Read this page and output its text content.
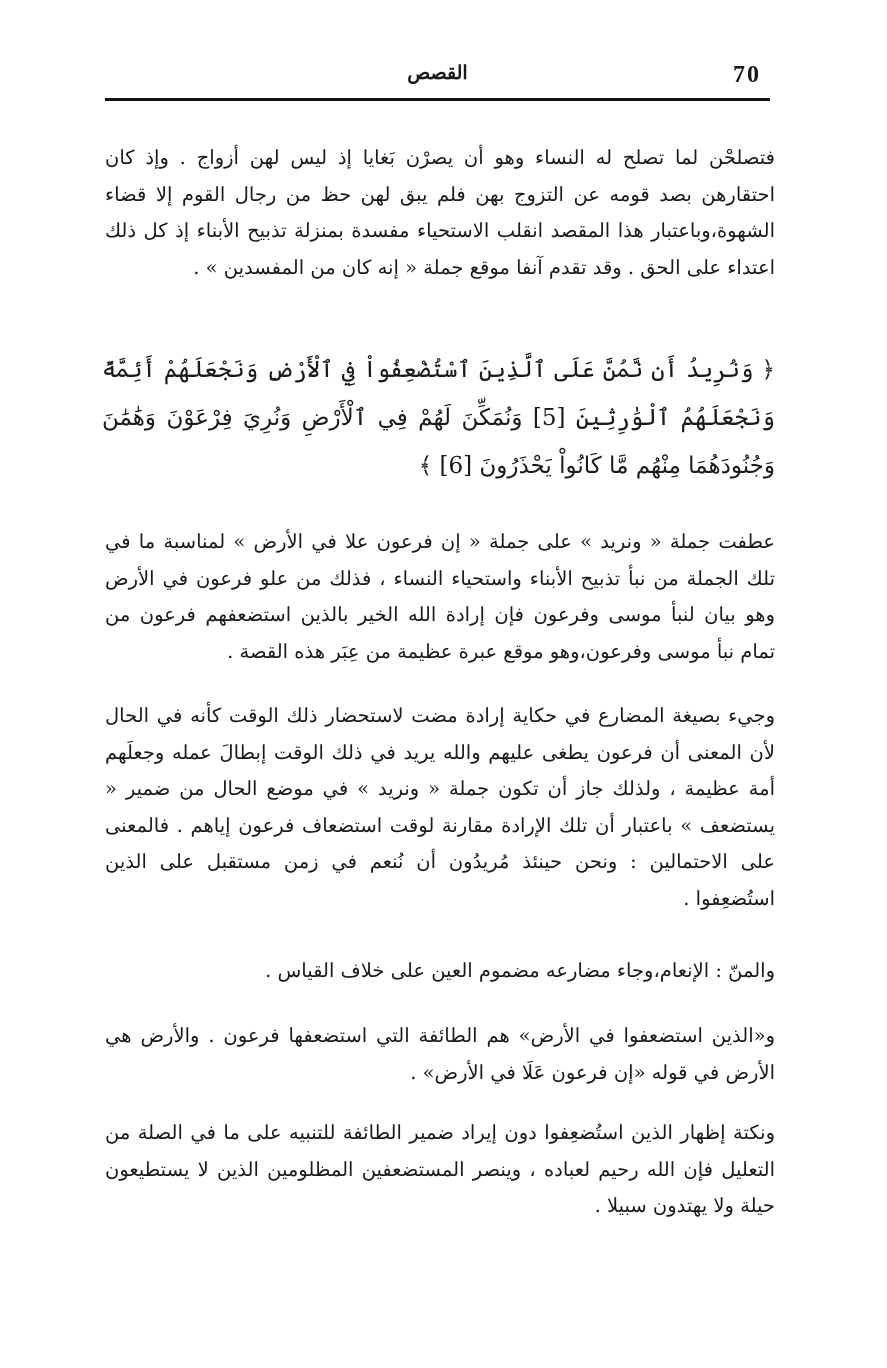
القصص	70

فتصلحْن لما تصلح له النساء وهو أن يصرْن بَغايا إذ ليس لهن أزواج . وإذ كان احتقارهن بصد قومه عن التزوج بهن فلم يبق لهن حظ من رجال القوم إلا قضاء الشهوة،وباعتبار هذا المقصد انقلب الاستحياء مفسدة بمنزلة تذبيح الأبناء إذ كل ذلك اعتداء على الحق . وقد تقدم آنفا موقع جملة « إنه كان من المفسدين » .

﴿ وَنُرِيدُ أَن نَّمُنَّ عَلَى ٱلَّذِينَ ٱسْتُضْعِفُواْ فِي ٱلْأَرْضِ وَنَجْعَلَهُمْ أَئِمَّةً وَنَجْعَلَهُمُ ٱلْوَٰرِثِينَ [5] وَنُمَكِّنَ لَهُمْ فِي ٱلْأَرْضِ وَنُرِيَ فِرْعَوْنَ وَهَٰمَٰنَ وَجُنُودَهُمَا مِنْهُم مَّا كَانُواْ يَحْذَرُونَ [6] ﴾

عطفت جملة « ونريد » على جملة « إن فرعون علا في الأرض » لمناسبة ما في تلك الجملة من نبأ تذبيح الأبناء واستحياء النساء ، فذلك من علو فرعون في الأرض وهو بيان لنبأ موسى وفرعون فإن إرادة الله الخير بالذين استضعفهم فرعون من تمام نبأ موسى وفرعون،وهو موقع عبرة عظيمة من عِبَر هذه القصة .

وجيء بصيغة المضارع في حكاية إرادة مضت لاستحضار ذلك الوقت كأنه في الحال لأن المعنى أن فرعون يطغى عليهم والله يريد في ذلك الوقت إبطالَ عمله وجعلَهم أمة عظيمة ، ولذلك جاز أن تكون جملة « ونريد » في موضع الحال من ضمير « يستضعف » باعتبار أن تلك الإرادة مقارنة لوقت استضعاف فرعون إياهم . فالمعنى على الاحتمالين : ونحن حينئذ مُريدُون أن نُنعم في زمن مستقبل على الذين استُضعِفوا .

والمنّ : الإنعام،وجاء مضارعه مضموم العين على خلاف القياس .

و«الذين استضعفوا في الأرض» هم الطائفة التي استضعفها فرعون . والأرض هي الأرض في قوله «إن فرعون عَلَا في الأرض» .

ونكتة إظهار الذين استُضعِفوا دون إيراد ضمير الطائفة للتنبيه على ما في الصلة من التعليل فإن الله رحيم لعباده ، وينصر المستضعفين المظلومين الذين لا يستطيعون حيلة ولا يهتدون سبيلا .
